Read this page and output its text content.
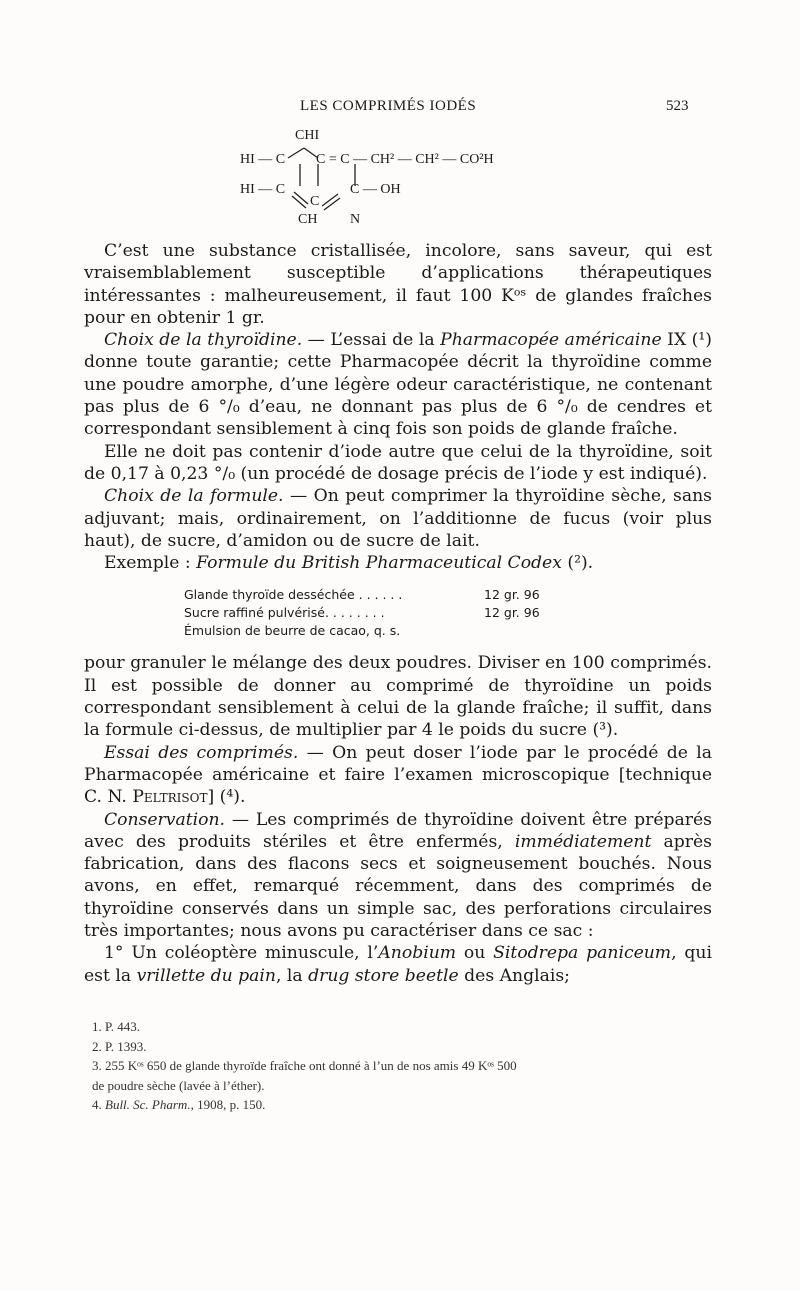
LES COMPRIMÉS IODÉS	523
CHI
HI — C C = C — CH² — CH² — CO²H
HI — C
C
C — OH
CH N

C’est une substance cristallisée, incolore, sans saveur, qui est vraisemblablement susceptible d’applications thérapeutiques intéressantes : malheureusement, il faut 100 Kᵒˢ de glandes fraîches pour en obtenir 1 gr.

Choix de la thyroïdine. — L’essai de la Pharmacopée américaine IX (¹) donne toute garantie; cette Pharmacopée décrit la thyroïdine comme une poudre amorphe, d’une légère odeur caractéristique, ne contenant pas plus de 6 °/₀ d’eau, ne donnant pas plus de 6 °/₀ de cendres et correspondant sensiblement à cinq fois son poids de glande fraîche.

Elle ne doit pas contenir d’iode autre que celui de la thyroïdine, soit de 0,17 à 0,23 °/₀ (un procédé de dosage précis de l’iode y est indiqué).

Choix de la formule. — On peut comprimer la thyroïdine sèche, sans adjuvant; mais, ordinairement, on l’additionne de fucus (voir plus haut), de sucre, d’amidon ou de sucre de lait.

Exemple : Formule du British Pharmaceutical Codex (²).

Glande thyroïde desséchée . . . . . .	12 gr. 96
Sucre raffiné pulvérisé. . . . . . . .	12 gr. 96
Émulsion de beurre de cacao, q. s.

pour granuler le mélange des deux poudres. Diviser en 100 comprimés. Il est possible de donner au comprimé de thyroïdine un poids correspondant sensiblement à celui de la glande fraîche; il suffit, dans la formule ci-dessus, de multiplier par 4 le poids du sucre (³).

Essai des comprimés. — On peut doser l’iode par le procédé de la Pharmacopée américaine et faire l’examen microscopique [technique C. N. Peltrisot] (⁴).

Conservation. — Les comprimés de thyroïdine doivent être préparés avec des produits stériles et être enfermés, immédiatement après fabrication, dans des flacons secs et soigneusement bouchés. Nous avons, en effet, remarqué récemment, dans des comprimés de thyroïdine conservés dans un simple sac, des perforations circulaires très importantes; nous avons pu caractériser dans ce sac :

1° Un coléoptère minuscule, l’Anobium ou Sitodrepa paniceum, qui est la vrillette du pain, la drug store beetle des Anglais;

1. P. 443.
2. P. 1393.
3. 255 Kᵒˢ 650 de glande thyroïde fraîche ont donné à l’un de nos amis 49 Kᵒˢ 500
de poudre sèche (lavée à l’éther).
4. Bull. Sc. Pharm., 1908, p. 150.
